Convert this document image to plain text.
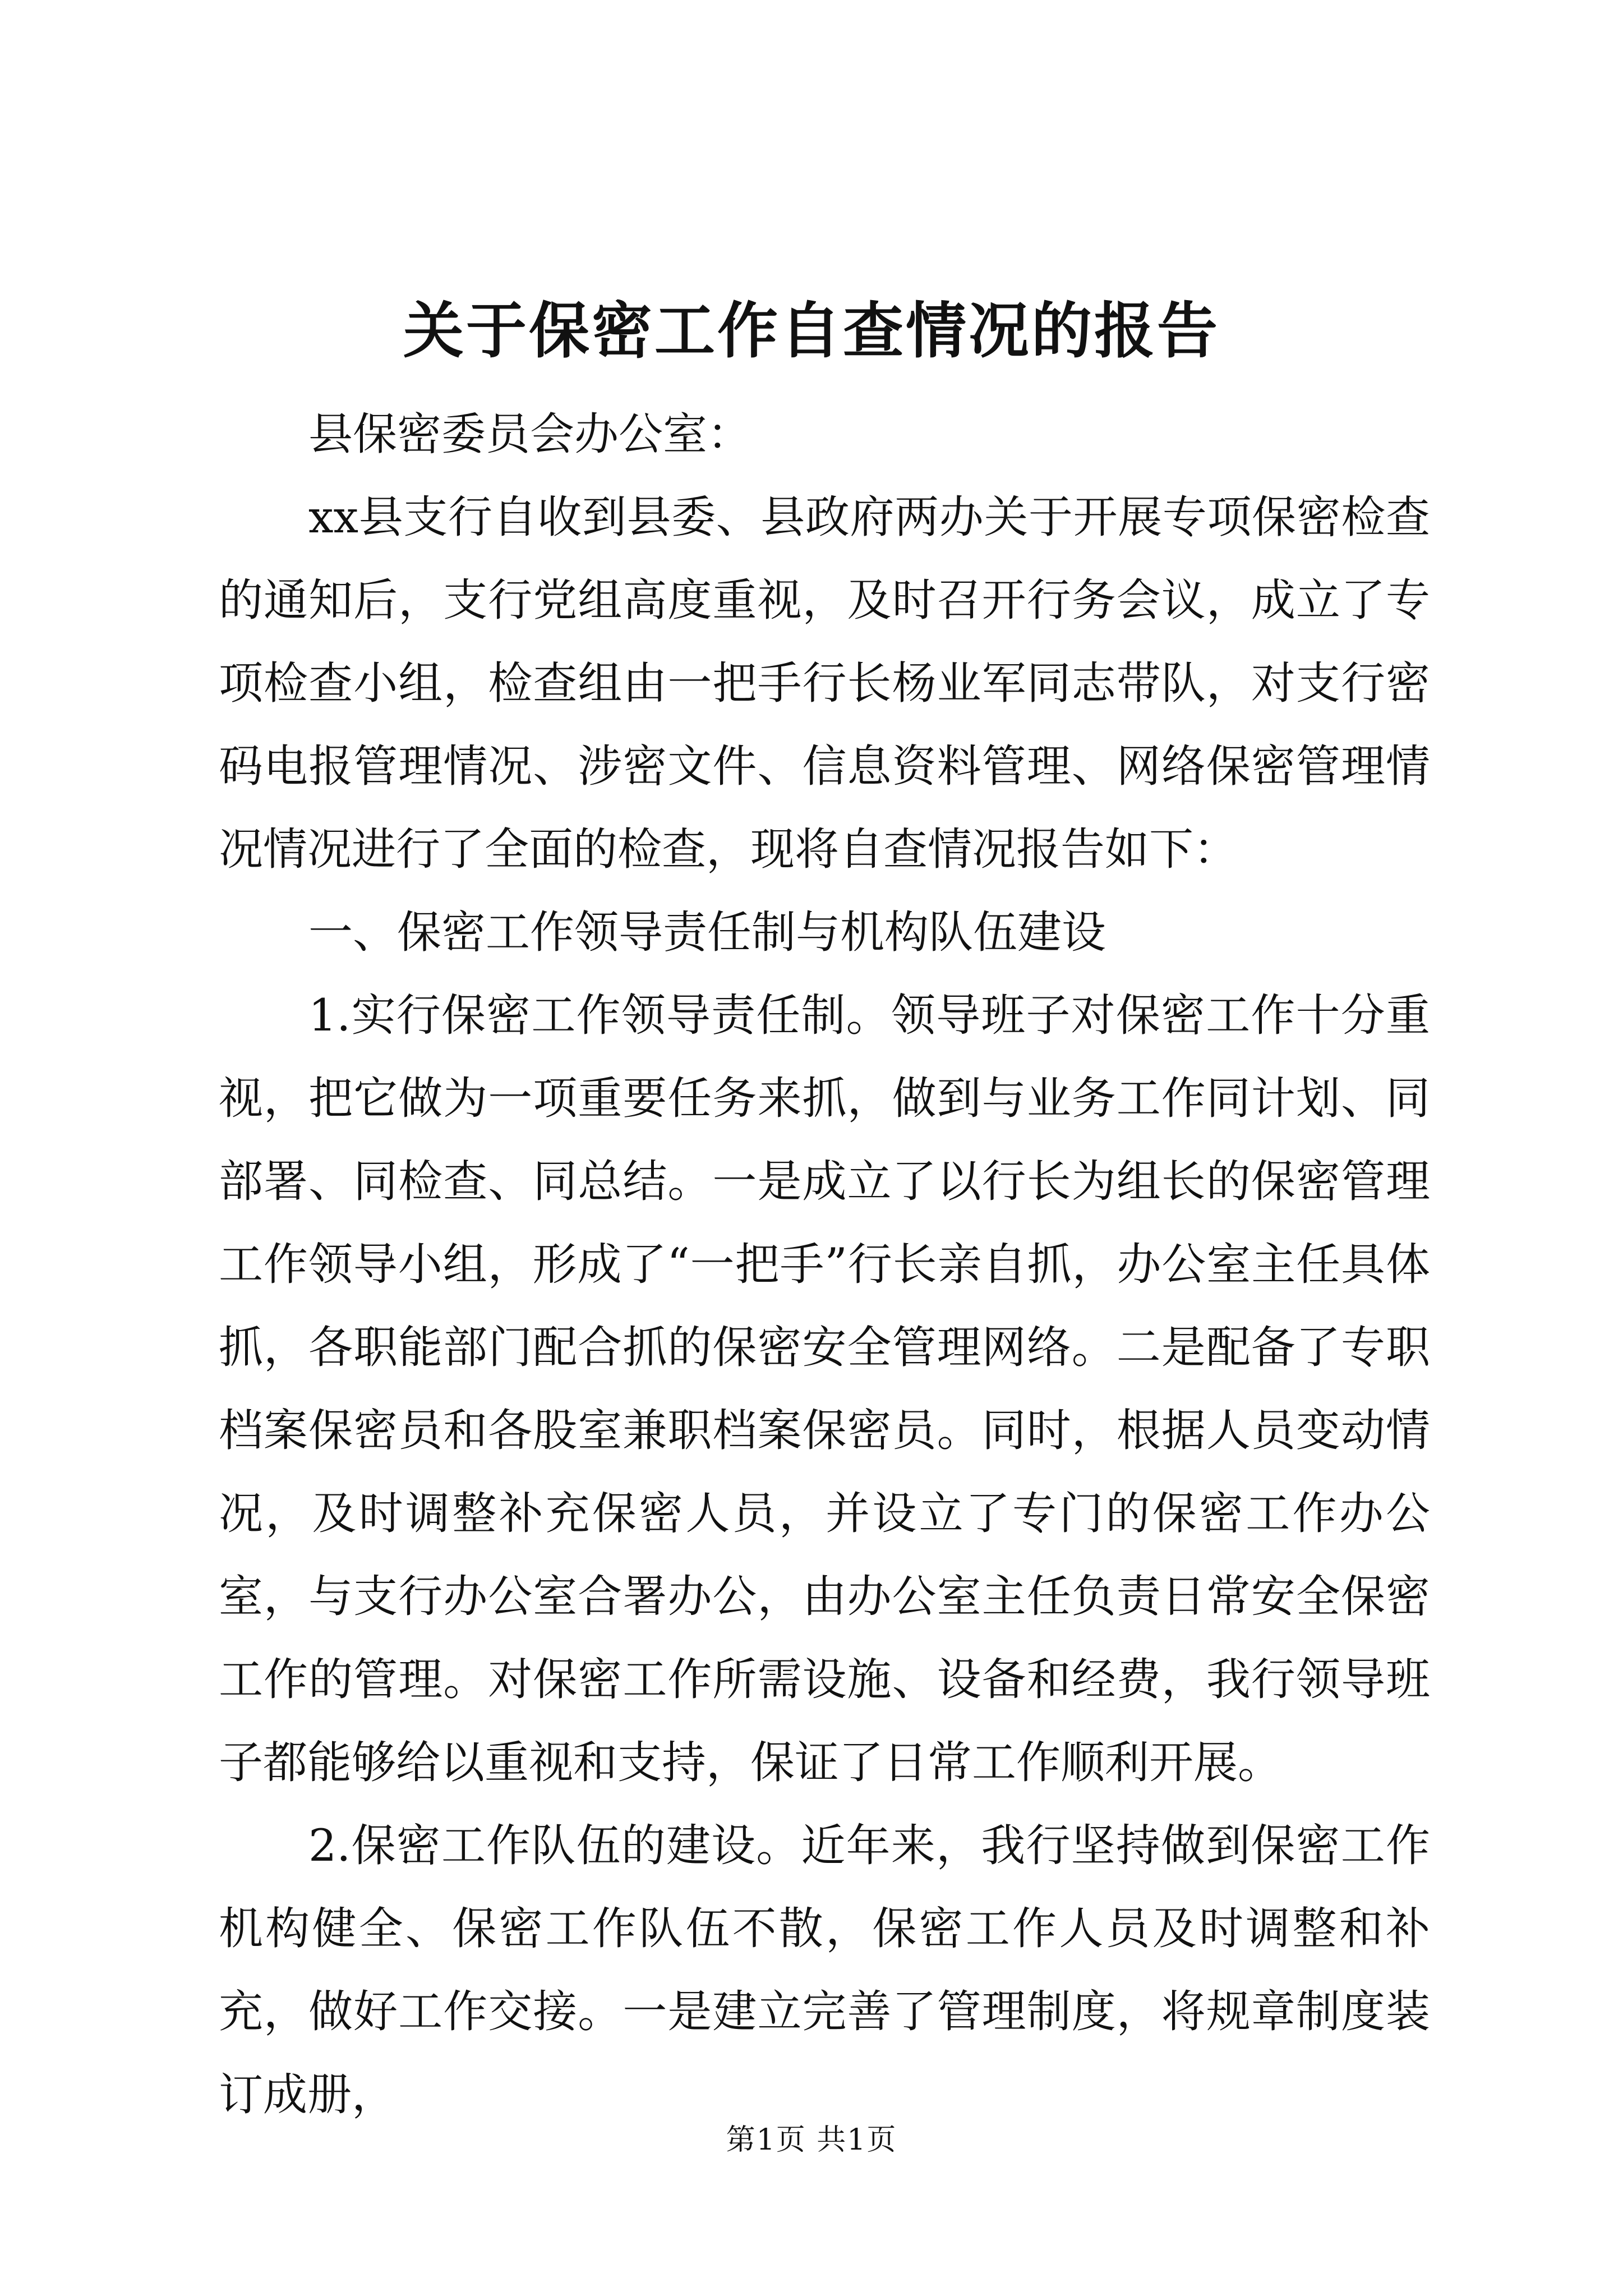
关于保密工作自查情况的报告

县保密委员会办公室：

xx县支行自收到县委、县政府两办关于开展专项保密检查的通知后，支行党组高度重视，及时召开行务会议，成立了专项检查小组，检查组由一把手行长杨业军同志带队，对支行密码电报管理情况、涉密文件、信息资料管理、网络保密管理情况情况进行了全面的检查，现将自查情况报告如下：

一、保密工作领导责任制与机构队伍建设

1.实行保密工作领导责任制。领导班子对保密工作十分重视，把它做为一项重要任务来抓，做到与业务工作同计划、同部署、同检查、同总结。一是成立了以行长为组长的保密管理工作领导小组，形成了“一把手”行长亲自抓，办公室主任具体抓，各职能部门配合抓的保密安全管理网络。二是配备了专职档案保密员和各股室兼职档案保密员。同时，根据人员变动情况，及时调整补充保密人员，并设立了专门的保密工作办公室，与支行办公室合署办公，由办公室主任负责日常安全保密工作的管理。对保密工作所需设施、设备和经费，我行领导班子都能够给以重视和支持，保证了日常工作顺利开展。

2.保密工作队伍的建设。近年来，我行坚持做到保密工作机构健全、保密工作队伍不散，保密工作人员及时调整和补充，做好工作交接。一是建立完善了管理制度，将规章制度装订成册，

第1页 共1页
